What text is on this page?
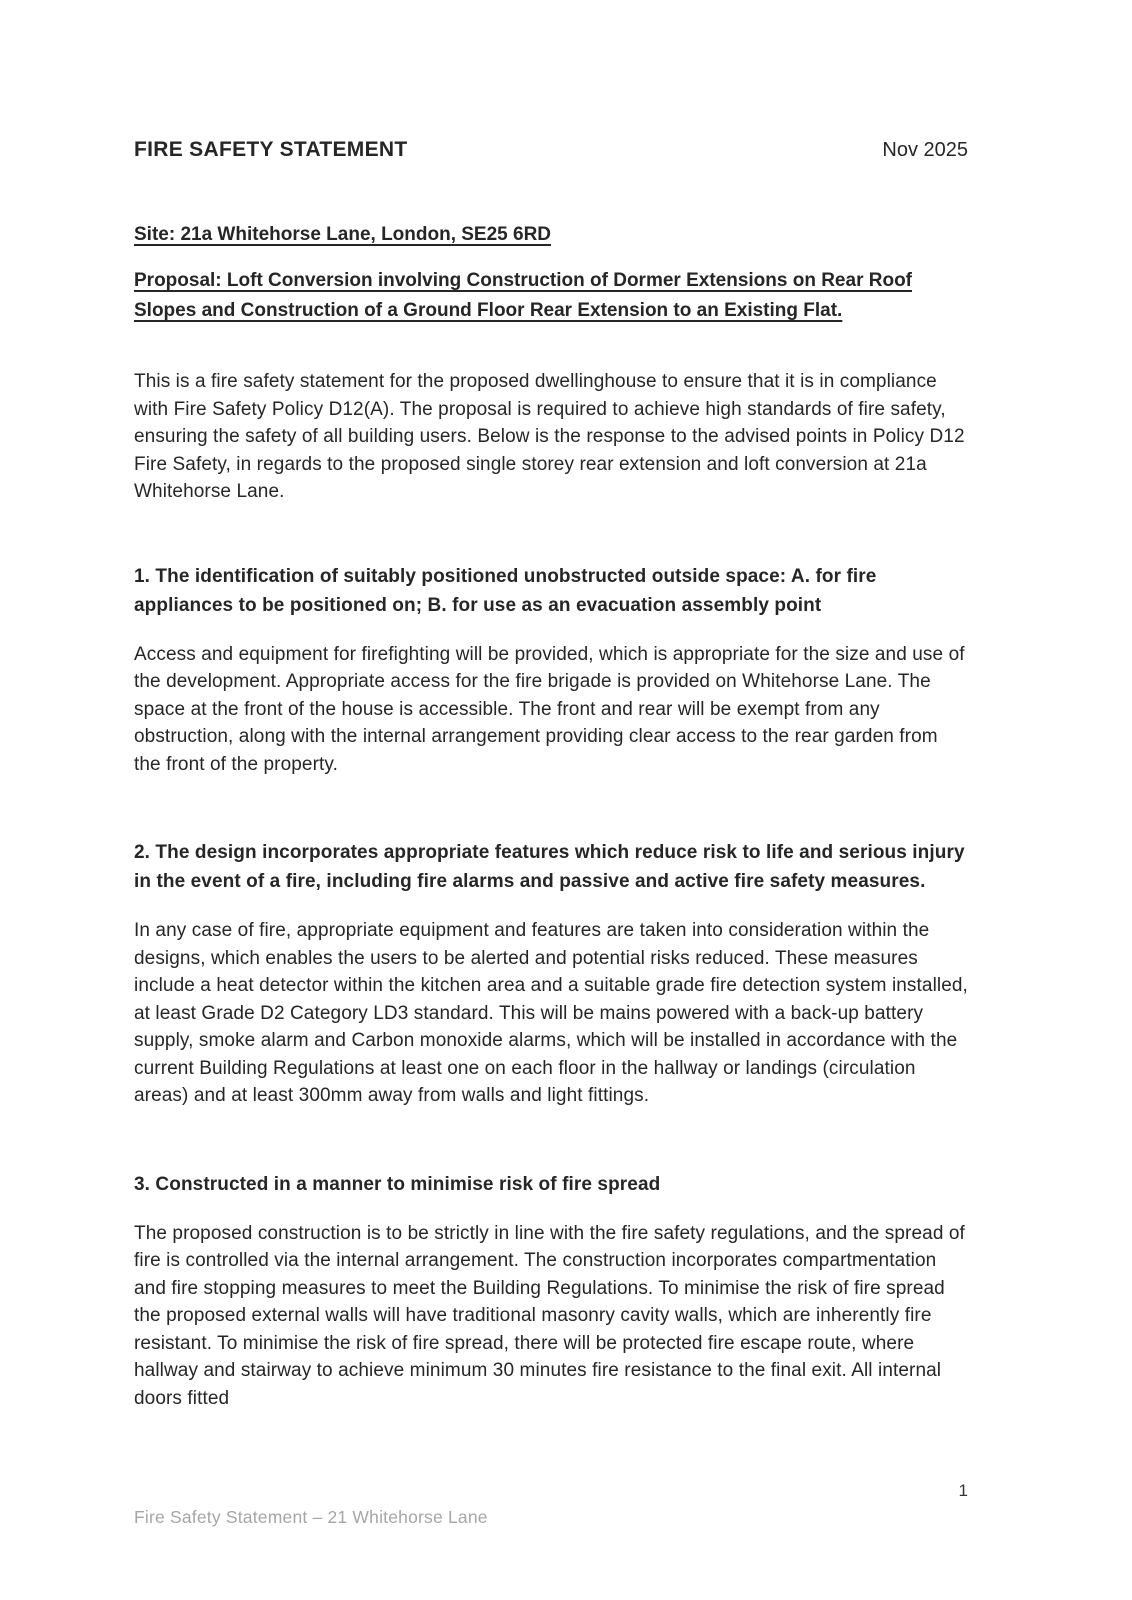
FIRE SAFETY STATEMENT	Nov 2025

Site: 21a Whitehorse Lane, London, SE25 6RD

Proposal: Loft Conversion involving Construction of Dormer Extensions on Rear Roof Slopes and Construction of a Ground Floor Rear Extension to an Existing Flat.

This is a fire safety statement for the proposed dwellinghouse to ensure that it is in compliance with Fire Safety Policy D12(A). The proposal is required to achieve high standards of fire safety, ensuring the safety of all building users. Below is the response to the advised points in Policy D12 Fire Safety, in regards to the proposed single storey rear extension and loft conversion at 21a Whitehorse Lane.

1. The identification of suitably positioned unobstructed outside space: A. for fire appliances to be positioned on; B. for use as an evacuation assembly point

Access and equipment for firefighting will be provided, which is appropriate for the size and use of the development. Appropriate access for the fire brigade is provided on Whitehorse Lane. The space at the front of the house is accessible. The front and rear will be exempt from any obstruction, along with the internal arrangement providing clear access to the rear garden from the front of the property.

2. The design incorporates appropriate features which reduce risk to life and serious injury in the event of a fire, including fire alarms and passive and active fire safety measures.

In any case of fire, appropriate equipment and features are taken into consideration within the designs, which enables the users to be alerted and potential risks reduced. These measures include a heat detector within the kitchen area and a suitable grade fire detection system installed, at least Grade D2 Category LD3 standard. This will be mains powered with a back-up battery supply, smoke alarm and Carbon monoxide alarms, which will be installed in accordance with the current Building Regulations at least one on each floor in the hallway or landings (circulation areas) and at least 300mm away from walls and light fittings.

3. Constructed in a manner to minimise risk of fire spread

The proposed construction is to be strictly in line with the fire safety regulations, and the spread of fire is controlled via the internal arrangement. The construction incorporates compartmentation and fire stopping measures to meet the Building Regulations. To minimise the risk of fire spread the proposed external walls will have traditional masonry cavity walls, which are inherently fire resistant. To minimise the risk of fire spread, there will be protected fire escape route, where hallway and stairway to achieve minimum 30 minutes fire resistance to the final exit. All internal doors fitted

1
Fire Safety Statement – 21 Whitehorse Lane
